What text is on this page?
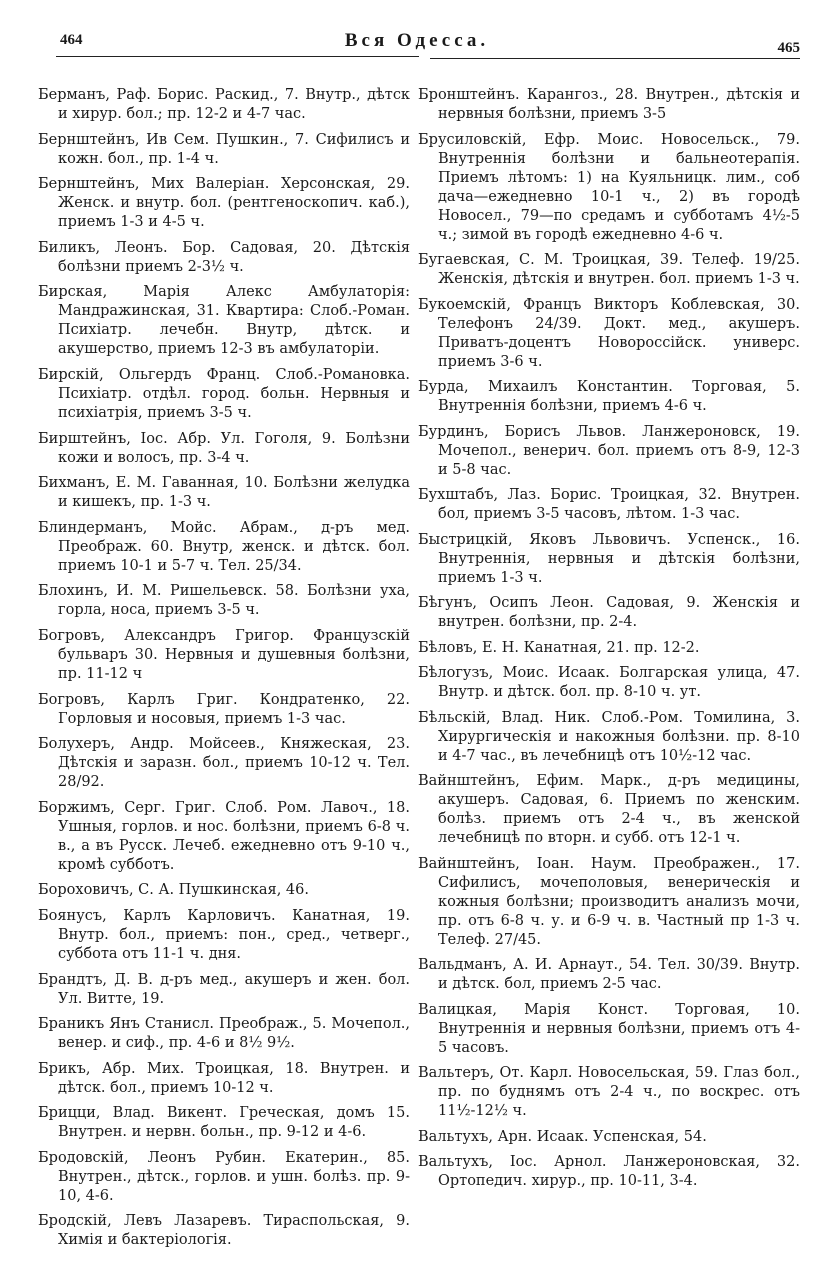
464	Вся Одесса.	465

Берманъ, Раф. Борис. Раскид., 7. Внутр., дѣтск и хирур. бол.; пр. 12-2 и 4-7 час.

Бернштейнъ, Ив Сем. Пушкин., 7. Сифилисъ и кожн. бол., пр. 1-4 ч.

Бернштейнъ, Мих Валеріан. Херсонская, 29. Женск. и внутр. бол. (рентгеноскопич. каб.), приемъ 1-3 и 4-5 ч.

Биликъ, Леонъ. Бор. Садовая, 20. Дѣтскія болѣзни приемъ 2-3½ ч.

Бирская, Марія Алекс Амбулаторія: Мандражинская, 31. Квартира: Слоб.-Роман. Психіатр. лечебн. Внутр, дѣтск. и акушерство, приемъ 12-3 въ амбулаторіи.

Бирскій, Ольгердъ Франц. Слоб.-Романовка. Психіатр. отдѣл. город. больн. Нервныя и психіатрія, приемъ 3-5 ч.

Бирштейнъ, Іос. Абр. Ул. Гоголя, 9. Болѣзни кожи и волосъ, пр. 3-4 ч.

Бихманъ, Е. М. Гаванная, 10. Болѣзни желудка и кишекъ, пр. 1-3 ч.

Блиндерманъ, Мойс. Абрам., д-ръ мед. Преображ. 60. Внутр, женск. и дѣтск. бол. приемъ 10-1 и 5-7 ч. Тел. 25/34.

Блохинъ, И. М. Ришельевск. 58. Болѣзни уха, горла, носа, приемъ 3-5 ч.

Богровъ, Александръ Григор. Французскій бульваръ 30. Нервныя и душевныя болѣзни, пр. 11-12 ч

Богровъ, Карлъ Григ. Кондратенко, 22. Горловыя и носовыя, приемъ 1-3 час.

Болухеръ, Андр. Мойсеев., Княжеская, 23. Дѣтскія и заразн. бол., приемъ 10-12 ч. Тел. 28/92.

Боржимъ, Серг. Григ. Слоб. Ром. Лавоч., 18. Ушныя, горлов. и нос. болѣзни, приемъ 6-8 ч. в., а въ Русск. Лечеб. ежедневно отъ 9-10 ч., кромѣ субботъ.

Бороховичъ, С. А. Пушкинская, 46.

Боянусъ, Карлъ Карловичъ. Канатная, 19. Внутр. бол., приемъ: пон., сред., четверг., суббота отъ 11-1 ч. дня.

Брандтъ, Д. В. д-ръ мед., акушеръ и жен. бол. Ул. Витте, 19.

Браникъ Янъ Станисл. Преображ., 5. Мочепол., венер. и сиф., пр. 4-6 и 8½ 9½.

Брикъ, Абр. Мих. Троицкая, 18. Внутрен. и дѣтск. бол., приемъ 10-12 ч.

Брицци, Влад. Викент. Греческая, домъ 15. Внутрен. и нервн. больн., пр. 9-12 и 4-6.

Бродовскій, Леонъ Рубин. Екатерин., 85. Внутрен., дѣтск., горлов. и ушн. болѣз. пр. 9-10, 4-6.

Бродскій, Левъ Лазаревъ. Тираспольская, 9. Химія и бактеріологія.

Бронштейнъ. Карангоз., 28. Внутрен., дѣтскія и нервныя болѣзни, приемъ 3-5

Брусиловскій, Ефр. Моис. Новосельск., 79. Внутреннія болѣзни и бальнеотерапія. Приемъ лѣтомъ: 1) на Куяльницк. лим., соб дача—ежедневно 10-1 ч., 2) въ городѣ Новосел., 79—по средамъ и субботамъ 4½-5 ч.; зимой въ городѣ ежедневно 4-6 ч.

Бугаевская, С. М. Троицкая, 39. Телеф. 19/25. Женскія, дѣтскія и внутрен. бол. приемъ 1-3 ч.

Букоемскій, Францъ Викторъ Коблевская, 30. Телефонъ 24/39. Докт. мед., акушеръ. Приватъ-доцентъ Новороссійск. универс. приемъ 3-6 ч.

Бурда, Михаилъ Константин. Торговая, 5. Внутреннія болѣзни, приемъ 4-6 ч.

Бурдинъ, Борисъ Львов. Ланжероновск, 19. Мочепол., венерич. бол. приемъ отъ 8-9, 12-3 и 5-8 час.

Бухштабъ, Лаз. Борис. Троицкая, 32. Внутрен. бол, приемъ 3-5 часовъ, лѣтом. 1-3 час.

Быстрицкій, Яковъ Львовичъ. Успенск., 16. Внутреннія, нервныя и дѣтскія болѣзни, приемъ 1-3 ч.

Бѣгунъ, Осипъ Леон. Садовая, 9. Женскія и внутрен. болѣзни, пр. 2-4.

Бѣловъ, Е. Н. Канатная, 21. пр. 12-2.

Бѣлогузъ, Моис. Исаак. Болгарская улица, 47. Внутр. и дѣтск. бол. пр. 8-10 ч. ут.

Бѣльскій, Влад. Ник. Слоб.-Ром. Томилина, 3. Хирургическія и накожныя болѣзни. пр. 8-10 и 4-7 час., въ лечебницѣ отъ 10½-12 час.

Вайнштейнъ, Ефим. Марк., д-ръ медицины, акушеръ. Садовая, 6. Приемъ по женским. болѣз. приемъ отъ 2-4 ч., въ женской лечебницѣ по вторн. и субб. отъ 12-1 ч.

Вайнштейнъ, Іоан. Наум. Преображен., 17. Сифилисъ, мочеполовыя, венерическія и кожныя болѣзни; производитъ анализъ мочи, пр. отъ 6-8 ч. у. и 6-9 ч. в. Частный пр 1-3 ч. Телеф. 27/45.

Вальдманъ, А. И. Арнаут., 54. Тел. 30/39. Внутр. и дѣтск. бол, приемъ 2-5 час.

Валицкая, Марія Конст. Торговая, 10. Внутреннія и нервныя болѣзни, приемъ отъ 4-5 часовъ.

Вальтеръ, От. Карл. Новосельская, 59. Глаз бол., пр. по буднямъ отъ 2-4 ч., по воскрес. отъ 11½-12½ ч.

Вальтухъ, Арн. Исаак. Успенская, 54.

Вальтухъ, Іос. Арнол. Ланжероновская, 32. Ортопедич. хирур., пр. 10-11, 3-4.
